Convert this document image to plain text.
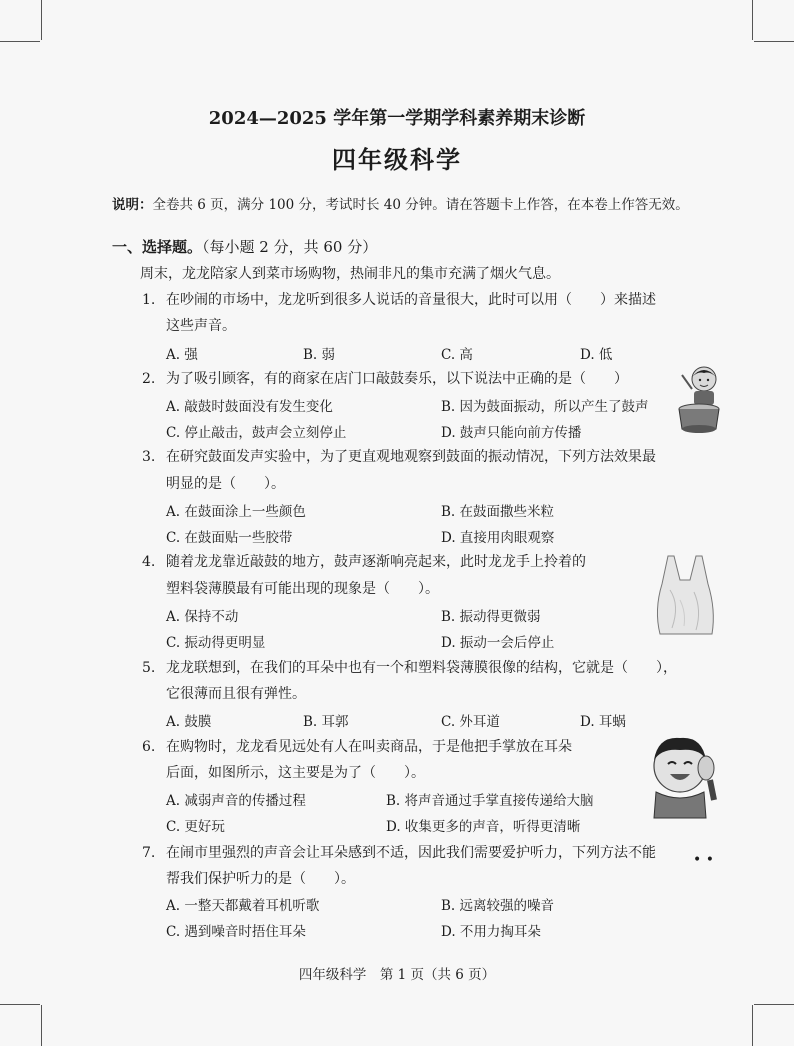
2024—2025 学年第一学期学科素养期末诊断
四年级科学
说明：全卷共 6 页，满分 100 分，考试时长 40 分钟。请在答题卡上作答，在本卷上作答无效。
一、选择题。（每小题 2 分，共 60 分）
周末，龙龙陪家人到菜市场购物，热闹非凡的集市充满了烟火气息。
1. 在吵闹的市场中，龙龙听到很多人说话的音量很大，此时可以用（　　）来描述
这些声音。
A. 强	B. 弱	C. 高	D. 低
2. 为了吸引顾客，有的商家在店门口敲鼓奏乐，以下说法中正确的是（　　）
A. 敲鼓时鼓面没有发生变化	B. 因为鼓面振动，所以产生了鼓声
C. 停止敲击，鼓声会立刻停止	D. 鼓声只能向前方传播
3. 在研究鼓面发声实验中，为了更直观地观察到鼓面的振动情况，下列方法效果最
明显的是（　　）。
A. 在鼓面涂上一些颜色	B. 在鼓面撒些米粒
C. 在鼓面贴一些胶带	D. 直接用肉眼观察
4. 随着龙龙靠近敲鼓的地方，鼓声逐渐响亮起来，此时龙龙手上拎着的
塑料袋薄膜最有可能出现的现象是（　　）。
A. 保持不动	B. 振动得更微弱
C. 振动得更明显	D. 振动一会后停止
5. 龙龙联想到，在我们的耳朵中也有一个和塑料袋薄膜很像的结构，它就是（　　），
它很薄而且很有弹性。
A. 鼓膜	B. 耳郭	C. 外耳道	D. 耳蜗
6. 在购物时，龙龙看见远处有人在叫卖商品，于是他把手掌放在耳朵
后面，如图所示，这主要是为了（　　）。
A. 减弱声音的传播过程	B. 将声音通过手掌直接传递给大脑
C. 更好玩	D. 收集更多的声音，听得更清晰
7. 在闹市里强烈的声音会让耳朵感到不适，因此我们需要爱护听力，下列方法不能	• •
帮我们保护听力的是（　　）。
A. 一整天都戴着耳机听歌	B. 远离较强的噪音
C. 遇到噪音时捂住耳朵	D. 不用力掏耳朵
四年级科学　第 1 页（共 6 页）
